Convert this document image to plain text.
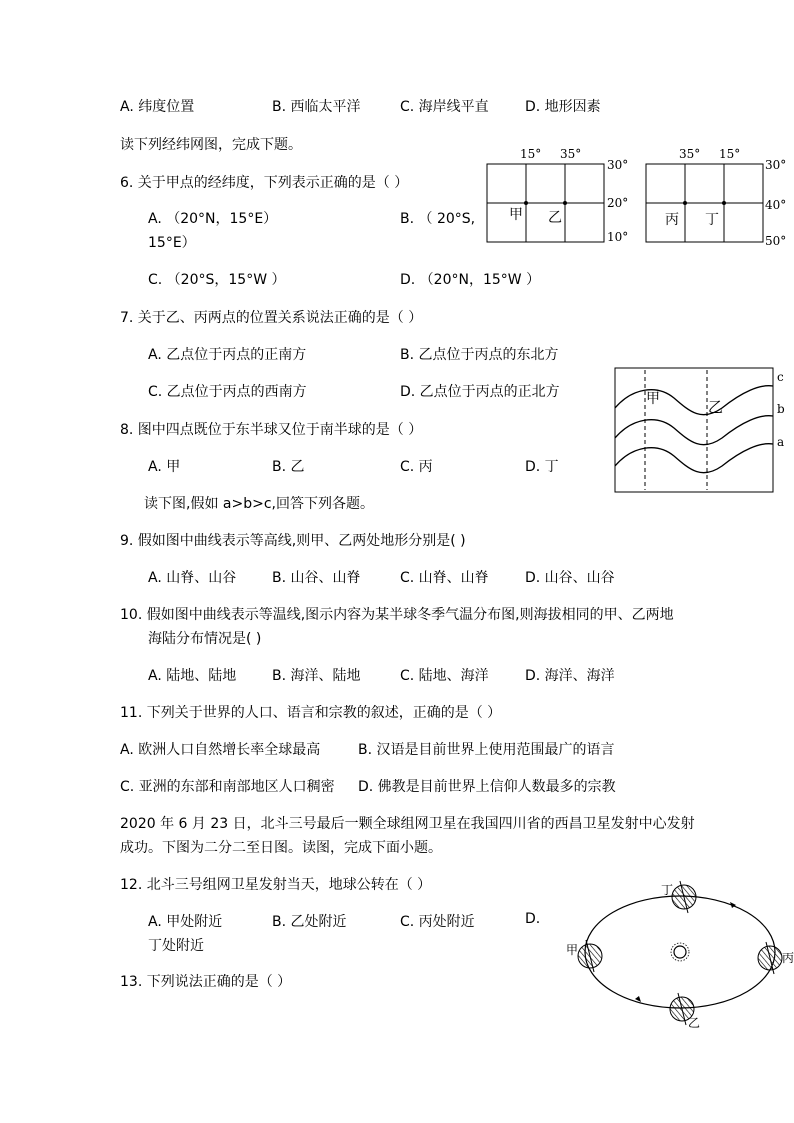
A. 纬度位置	B. 西临太平洋	C. 海岸线平直	D. 地形因素
读下列经纬网图，完成下题。
15° 35°
30°
20°
10°
甲 乙
35° 15°
30°
40°
50°
丙 丁
6. 关于甲点的经纬度，下列表示正确的是（ ）
A. （20°N，15°E）	B. （ 20°S,
15°E）
C. （20°S，15°W ）	D. （20°N，15°W ）
7. 关于乙、丙两点的位置关系说法正确的是（ ）
A. 乙点位于丙点的正南方	B. 乙点位于丙点的东北方
C. 乙点位于丙点的西南方	D. 乙点位于丙点的正北方
c
b
a
甲	乙
8. 图中四点既位于东半球又位于南半球的是（ ）
A. 甲	B. 乙	C. 丙	D. 丁
读下图,假如 a>b>c,回答下列各题。
9. 假如图中曲线表示等高线,则甲、乙两处地形分别是( )
A. 山脊、山谷	B. 山谷、山脊	C. 山脊、山脊	D. 山谷、山谷
10. 假如图中曲线表示等温线,图示内容为某半球冬季气温分布图,则海拔相同的甲、乙两地
海陆分布情况是( )
A. 陆地、陆地	B. 海洋、陆地	C. 陆地、海洋	D. 海洋、海洋
11. 下列关于世界的人口、语言和宗教的叙述，正确的是（ ）
A. 欧洲人口自然增长率全球最高	B. 汉语是目前世界上使用范围最广的语言
C. 亚洲的东部和南部地区人口稠密 D. 佛教是目前世界上信仰人数最多的宗教
2020 年 6 月 23 日，北斗三号最后一颗全球组网卫星在我国四川省的西昌卫星发射中心发射
成功。下图为二分二至日图。读图，完成下面小题。
12. 北斗三号组网卫星发射当天，地球公转在（ ）
A. 甲处附近	B. 乙处附近	C. 丙处附近	D.
丁处附近
丁
甲
丙
乙
13. 下列说法正确的是（ ）
